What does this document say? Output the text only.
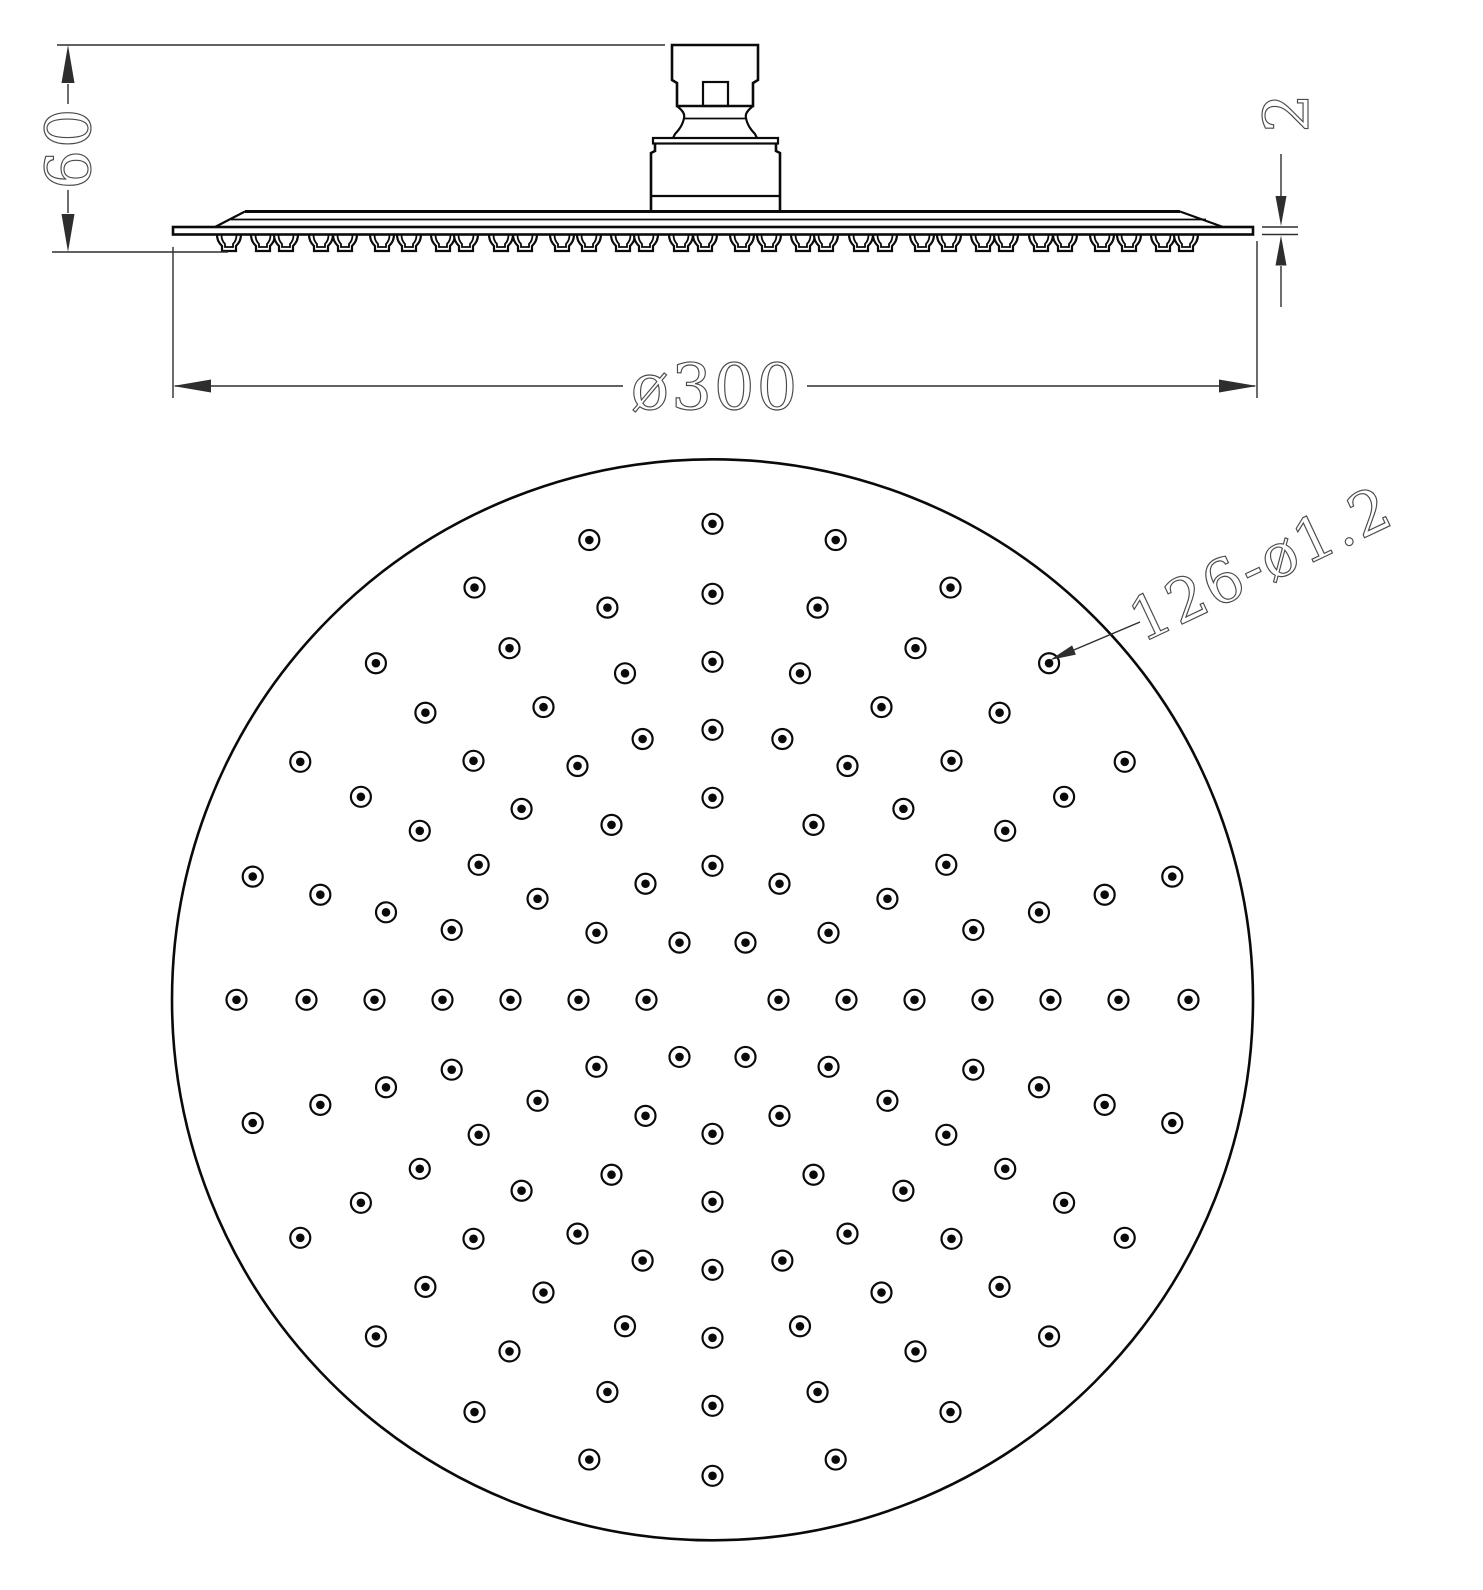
60	2
ø300
126-ø1.2
